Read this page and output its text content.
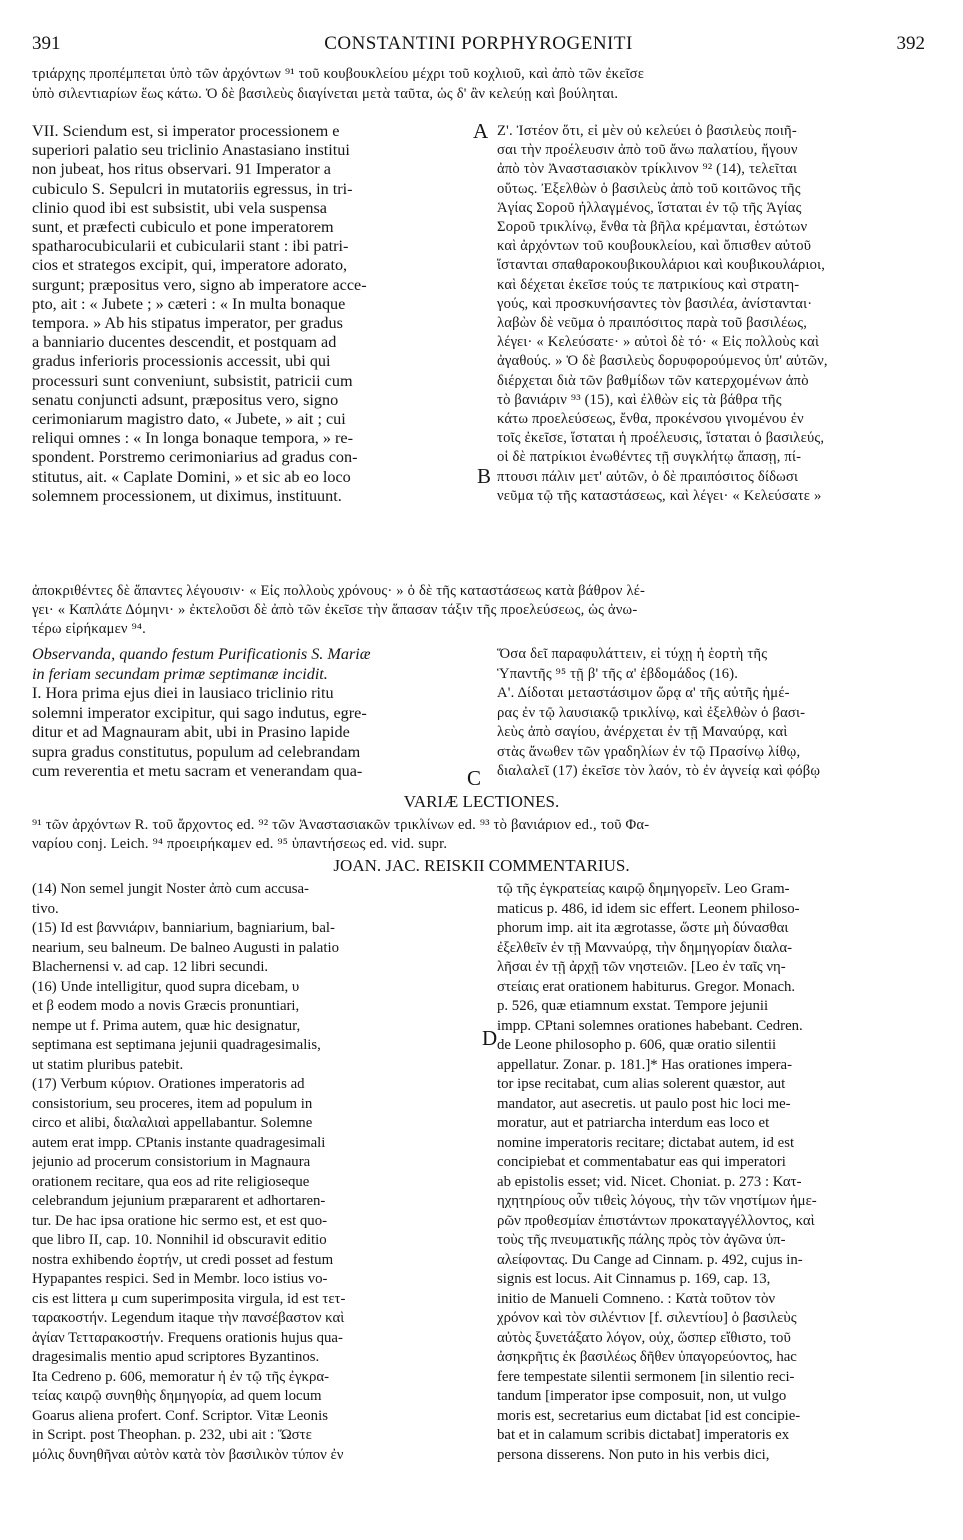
391	CONSTANTINI PORPHYROGENITI	392
τριάρχης προπέμπεται ὑπὸ τῶν ἀρχόντων ⁹¹ τοῦ κουβουκλείου μέχρι τοῦ κοχλιοῦ, καὶ ἀπὸ τῶν ἐκεῖσε
ὑπὸ σιλεντιαρίων ἕως κάτω. Ὁ δὲ βασιλεὺς διαγίνεται μετὰ ταῦτα, ὡς δ' ἂν κελεύῃ καὶ βούληται.
VII. Sciendum est, si imperator processionem e
superiori palatio seu triclinio Anastasiano institui
non jubeat, hos ritus observari. 91 Imperator a
cubiculo S. Sepulcri in mutatoriis egressus, in tri-
clinio quod ibi est subsistit, ubi vela suspensa
sunt, et præfecti cubiculo et pone imperatorem
spatharocubicularii et cubicularii stant : ibi patri-
cios et strategos excipit, qui, imperatore adorato,
surgunt; præpositus vero, signo ab imperatore acce-
pto, ait : « Jubete ; » cæteri : « In multa bonaque
tempora. » Ab his stipatus imperator, per gradus
a banniario ducentes descendit, et postquam ad
gradus inferioris processionis accessit, ubi qui
processuri sunt conveniunt, subsistit, patricii cum
senatu conjuncti adsunt, præpositus vero, signo
cerimoniarum magistro dato, « Jubete, » ait ; cui
reliqui omnes : « In longa bonaque tempora, » re-
spondent. Porstremo cerimoniarius ad gradus con-
stitutus, ait. « Caplate Domini, » et sic ab eo loco
solemnem processionem, ut diximus, instituunt.
Ζ'. Ἰστέον ὅτι, εἰ μὲν οὐ κελεύει ὁ βασιλεὺς ποιῆ-
σαι τὴν προέλευσιν ἀπὸ τοῦ ἄνω παλατίου, ἤγουν
ἀπὸ τὸν Ἀναστασιακὸν τρίκλινον ⁹² (14), τελεῖται
οὕτως. Ἐξελθὼν ὁ βασιλεὺς ἀπὸ τοῦ κοιτῶνος τῆς
Ἁγίας Σοροῦ ἠλλαγμένος, ἵσταται ἐν τῷ τῆς Ἁγίας
Σοροῦ τρικλίνῳ, ἔνθα τὰ βῆλα κρέμανται, ἑστώτων
καὶ ἀρχόντων τοῦ κουβουκλείου, καὶ ὄπισθεν αὐτοῦ
ἵστανται σπαθαροκουβικουλάριοι καὶ κουβικουλάριοι,
καὶ δέχεται ἐκεῖσε τούς τε πατρικίους καὶ στρατη-
γούς, καὶ προσκυνήσαντες τὸν βασιλέα, ἀνίστανται·
λαβὼν δὲ νεῦμα ὁ πραιπόσιτος παρὰ τοῦ βασιλέως,
λέγει· « Κελεύσατε· » αὐτοὶ δὲ τό· « Εἰς πολλοὺς καὶ
ἀγαθούς. » Ὁ δὲ βασιλεὺς δορυφορούμενος ὑπ' αὐτῶν,
διέρχεται διὰ τῶν βαθμίδων τῶν κατερχομένων ἀπὸ
τὸ βανιάριν ⁹³ (15), καὶ ἐλθὼν εἰς τὰ βάθρα τῆς
κάτω προελεύσεως, ἔνθα, προκένσου γινομένου ἐν
τοῖς ἐκεῖσε, ἵσταται ἡ προέλευσις, ἵσταται ὁ βασιλεύς,
οἱ δὲ πατρίκιοι ἑνωθέντες τῇ συγκλήτῳ ἅπασῃ, πί-
πτουσι πάλιν μετ' αὐτῶν, ὁ δὲ πραιπόσιτος δίδωσι
νεῦμα τῷ τῆς καταστάσεως, καὶ λέγει· « Κελεύσατε »
A
B
ἀποκριθέντες δὲ ἅπαντες λέγουσιν· « Εἰς πολλοὺς χρόνους· » ὁ δὲ τῆς καταστάσεως κατὰ βάθρον λέ-
γει· « Καπλάτε Δόμηνι· » ἐκτελοῦσι δὲ ἀπὸ τῶν ἐκεῖσε τὴν ἅπασαν τάξιν τῆς προελεύσεως, ὡς ἀνω-
τέρω εἰρήκαμεν ⁹⁴.
Observanda, quando festum Purificationis S. Mariæ
in feriam secundam primæ septimanæ incidit.
I. Hora prima ejus diei in lausiaco triclinio ritu
solemni imperator excipitur, qui sago indutus, egre-
ditur et ad Magnauram abit, ubi in Prasino lapide
supra gradus constitutus, populum ad celebrandam
cum reverentia et metu sacram et venerandam qua-
Ὅσα δεῖ παραφυλάττειν, εἰ τύχῃ ἡ ἑορτὴ τῆς
Ὑπαντῆς ⁹⁵ τῇ β' τῆς α' ἑβδομάδος (16).
Α'. Δίδοται μεταστάσιμον ὥρᾳ α' τῆς αὐτῆς ἡμέ-
ρας ἐν τῷ λαυσιακῷ τρικλίνῳ, καὶ ἐξελθὼν ὁ βασι-
λεὺς ἀπὸ σαγίου, ἀνέρχεται ἐν τῇ Μαναύρᾳ, καὶ
στὰς ἄνωθεν τῶν γραδηλίων ἐν τῷ Πρασίνῳ λίθῳ,
διαλαλεῖ (17) ἐκεῖσε τὸν λαόν, τὸ ἐν ἁγνείᾳ καὶ φόβῳ
C
VARIÆ LECTIONES.
⁹¹ τῶν ἀρχόντων R. τοῦ ἄρχοντος ed. ⁹² τῶν Ἀναστασιακῶν τρικλίνων ed. ⁹³ τὸ βανιάριον ed., τοῦ Φα-
ναρίου conj. Leich. ⁹⁴ προειρήκαμεν ed. ⁹⁵ ὑπαντήσεως ed. vid. supr.
JOAN. JAC. REISKII COMMENTARIUS.
(14) Non semel jungit Noster ἀπὸ cum accusa-
tivo.
(15) Id est βαννιάριν, banniarium, bagniarium, bal-
nearium, seu balneum. De balneo Augusti in palatio
Blachernensi v. ad cap. 12 libri secundi.
(16) Unde intelligitur, quod supra dicebam, υ
et β eodem modo a novis Græcis pronuntiari,
nempe ut f. Prima autem, quæ hic designatur,
septimana est septimana jejunii quadragesimalis,
ut statim pluribus patebit.
(17) Verbum κύριον. Orationes imperatoris ad
consistorium, seu proceres, item ad populum in
circo et alibi, διαλαλιαὶ appellabantur. Solemne
autem erat impp. CPtanis instante quadragesimali
jejunio ad procerum consistorium in Magnaura
orationem recitare, qua eos ad rite religioseque
celebrandum jejunium præpararent et adhortaren-
tur. De hac ipsa oratione hic sermo est, et est quo-
que libro II, cap. 10. Nonnihil id obscuravit editio
nostra exhibendo ἑορτήν, ut credi posset ad festum
Hypapantes respici. Sed in Membr. loco istius vo-
cis est littera μ cum superimposita virgula, id est τετ-
ταρακοστήν. Legendum itaque τὴν πανσέβαστον καὶ
ἁγίαν Τετταρακοστήν. Frequens orationis hujus qua-
dragesimalis mentio apud scriptores Byzantinos.
Ita Cedreno p. 606, memoratur ἡ ἐν τῷ τῆς ἐγκρα-
τείας καιρῷ συνηθὴς δημηγορία, ad quem locum
Goarus aliena profert. Conf. Scriptor. Vitæ Leonis
in Script. post Theophan. p. 232, ubi ait : Ὥστε
μόλις δυνηθῆναι αὐτὸν κατὰ τὸν βασιλικὸν τύπον ἐν
τῷ τῆς ἐγκρατείας καιρῷ δημηγορεῖν. Leo Gram-
maticus p. 486, id idem sic effert. Leonem philoso-
phorum imp. ait ita ægrotasse, ὥστε μὴ δύνασθαι
ἐξελθεῖν ἐν τῇ Μαννaύρᾳ, τὴν δημηγορίαν διαλα-
λῆσαι ἐν τῇ ἀρχῇ τῶν νηστειῶν. [Leo ἐν ταῖς νη-
στείαις erat orationem habiturus. Gregor. Monach.
p. 526, quæ etiamnum exstat. Tempore jejunii
impp. CPtani solemnes orationes habebant. Cedren.
de Leone philosopho p. 606, quæ oratio silentii
appellatur. Zonar. p. 181.]* Has orationes impera-
tor ipse recitabat, cum alias solerent quæstor, aut
mandator, aut asecretis. ut paulo post hic loci me-
moratur, aut et patriarcha interdum eas loco et
nomine imperatoris recitare; dictabat autem, id est
concipiebat et commentabatur eas qui imperatori
ab epistolis esset; vid. Nicet. Choniat. p. 273 : Κατ-
ηχητηρίους οὖν τιθεὶς λόγους, τὴν τῶν νηστίμων ἡμε-
ρῶν προθεσμίαν ἐπιστάντων προκαταγγέλλοντος, καὶ
τοὺς τῆς πνευματικῆς πάλης πρὸς τὸν ἀγῶνα ὑπ-
αλείφοντας. Du Cange ad Cinnam. p. 492, cujus in-
signis est locus. Ait Cinnamus p. 169, cap. 13,
initio de Manueli Comneno. : Κατὰ τοῦτον τὸν
χρόνον καὶ τὸν σιλέντιον [f. σιλεντίου] ὁ βασιλεὺς
αὐτὸς ξυνετάξατο λόγον, οὐχ, ὥσπερ εἴθιστο, τοῦ
ἀσηκρῆτις ἐκ βασιλέως δῆθεν ὑπαγορεύοντος, hac
fere tempestate silentii sermonem [in silentio reci-
tandum [imperator ipse composuit, non, ut vulgo
moris est, secretarius eum dictabat [id est concipie-
bat et in calamum scribis dictabat] imperatoris ex
persona disserens. Non puto in his verbis dici,
D
